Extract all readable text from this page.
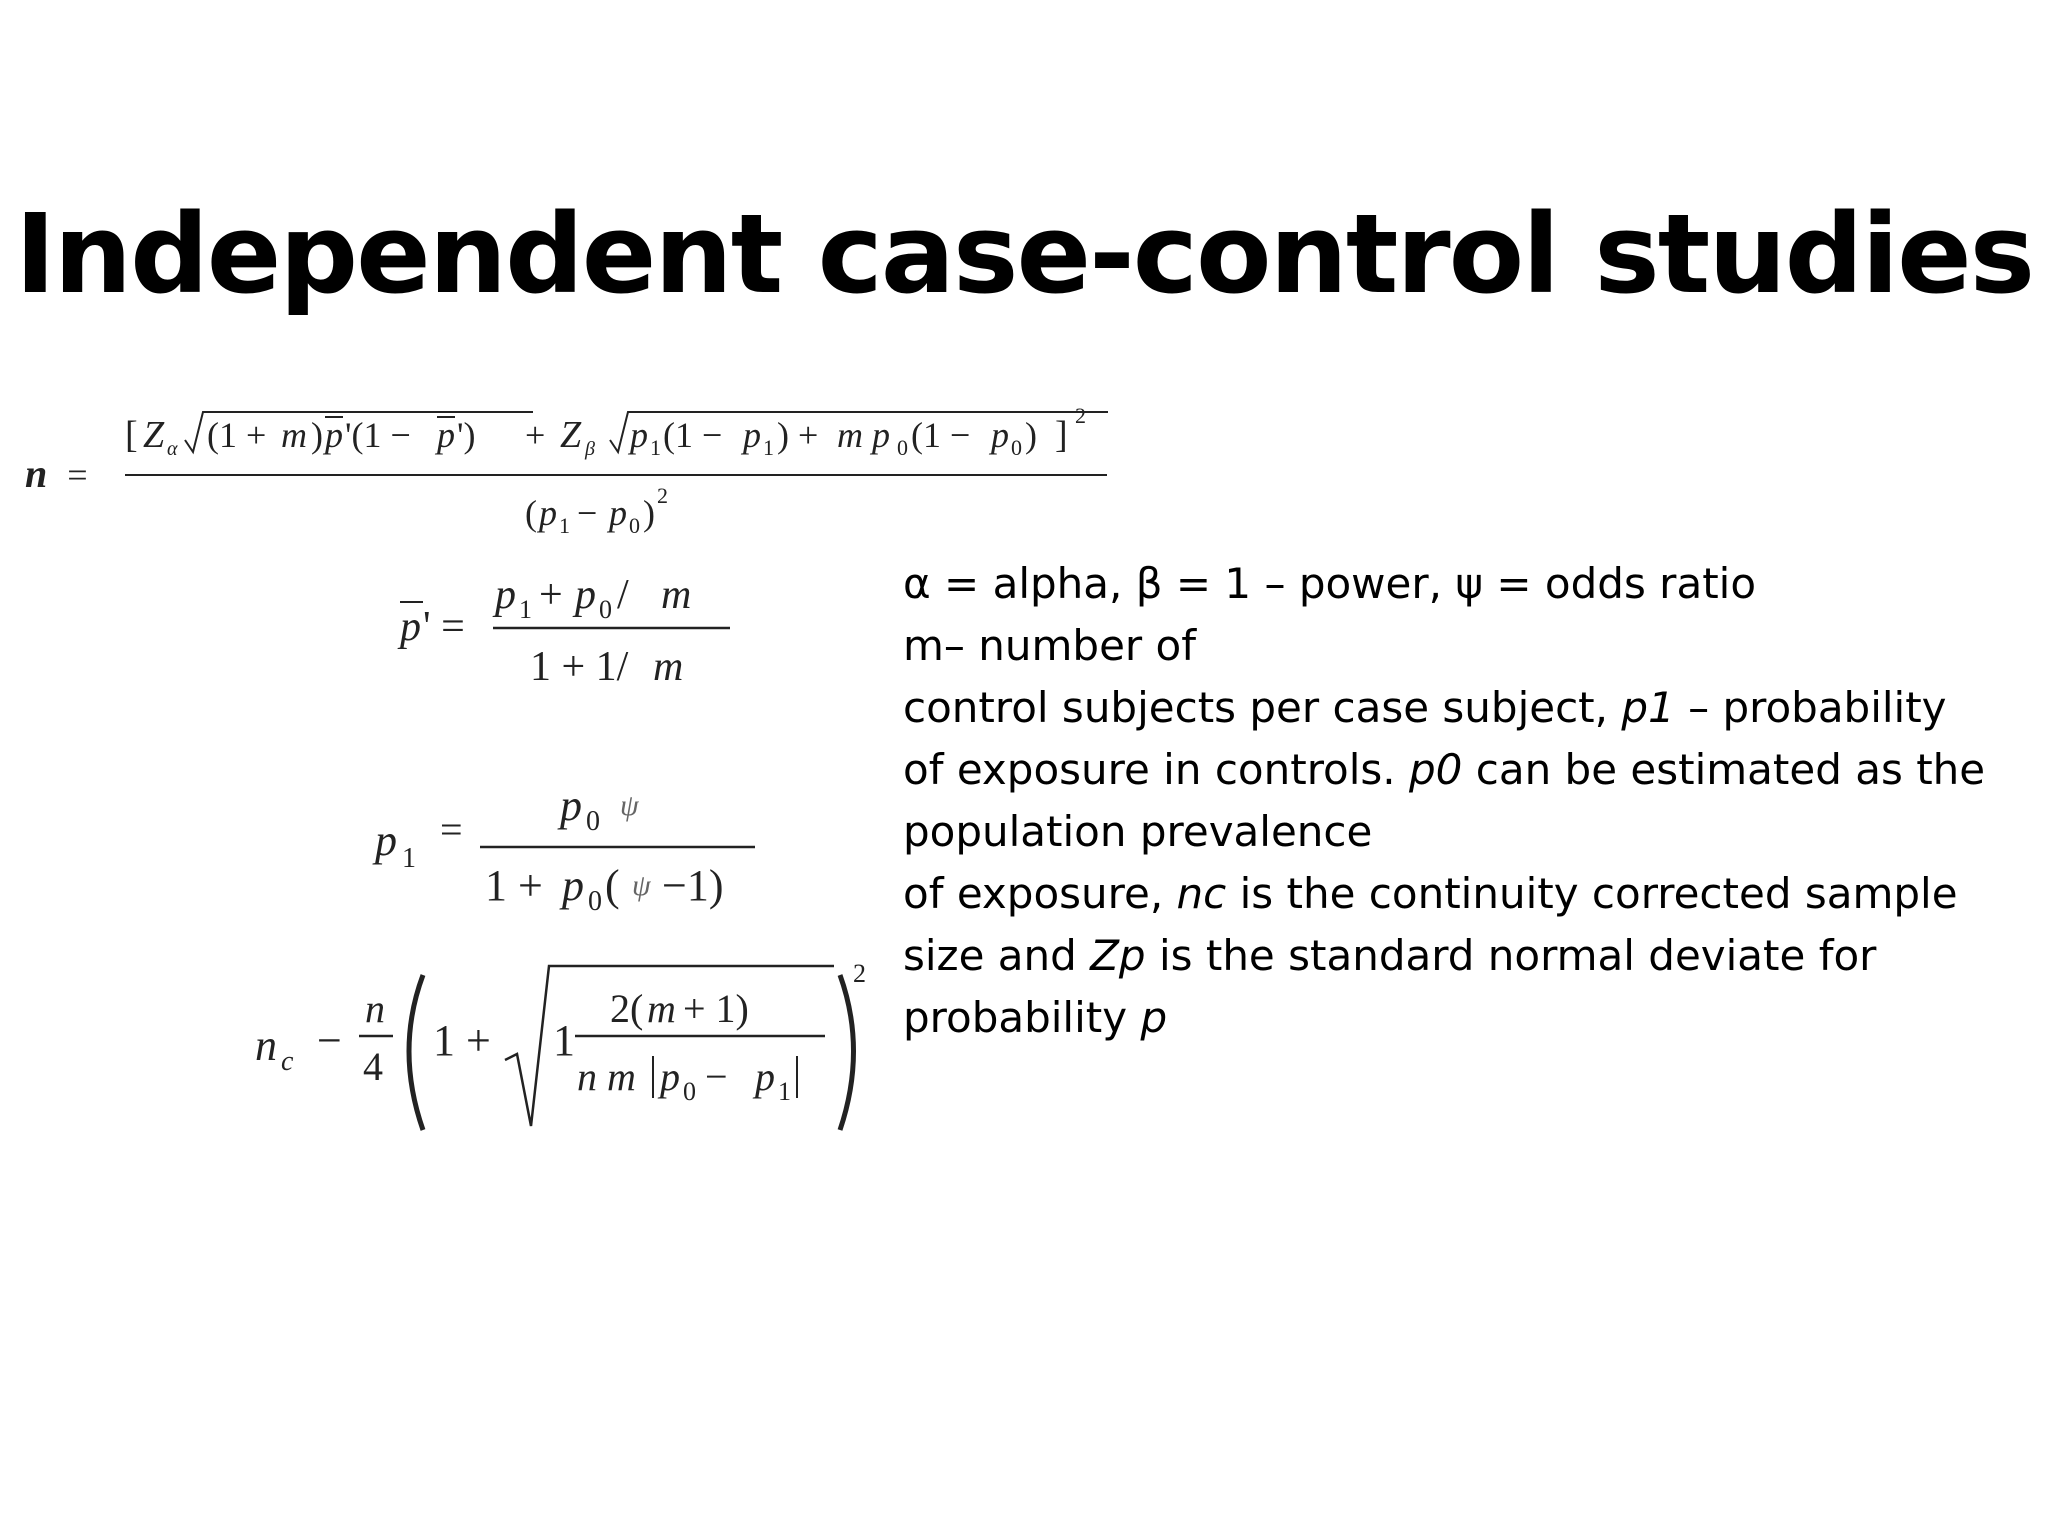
Independent case-control studies
n =
[ Z α (1 + m ) p '(1 − p ') + Z β p 1 (1 − p 1 ) + m p 0 (1 − p 0 ) ] 2
( p 1 − p 0 ) 2
p ' =
p 1 + p 0 / m
1 + 1/ m
p 1
= p 0 ψ
1 + p 0 ( ψ −1)
n c −
n
4
1 + 1
2( m + 1)
n m p 0 − p 1
2

α = alpha, β = 1 – power, ψ = odds ratio

m– number of

control subjects per case subject, p1 – probability

of exposure in controls. p0 can be estimated as the

population prevalence

of exposure, nc is the continuity corrected sample

size and Zp is the standard normal deviate for

probability p
